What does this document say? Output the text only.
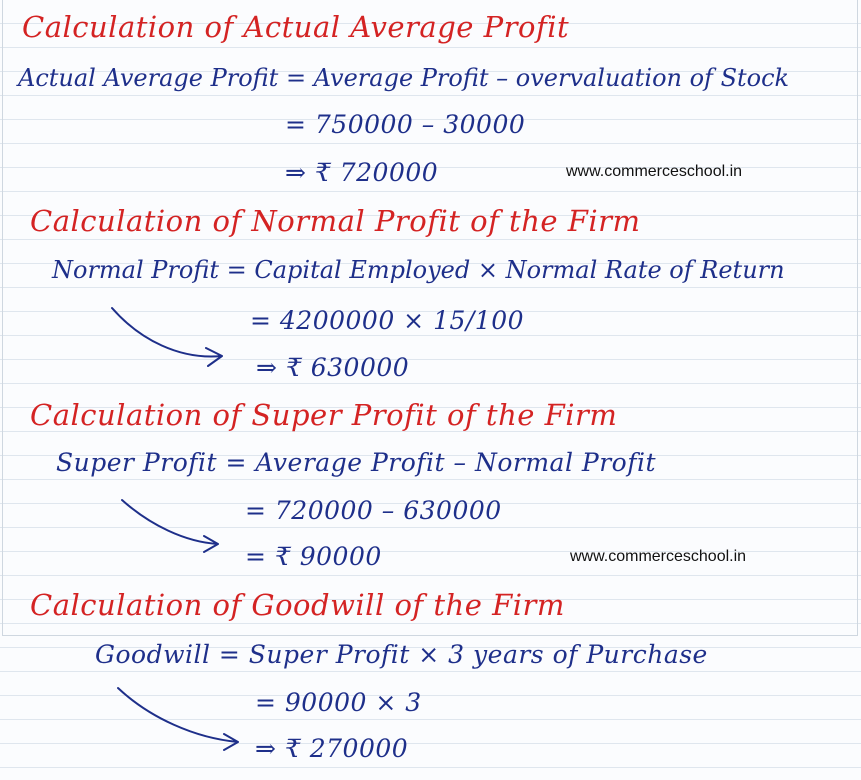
Calculation of Actual Average Profit
Actual Average Profit = Average Profit – overvaluation of Stock
= 750000 – 30000
⇒ ₹ 720000	www.commerceschool.in
Calculation of Normal Profit of the Firm
Normal Profit = Capital Employed × Normal Rate of Return
= 4200000 × 15/100
⇒ ₹ 630000
Calculation of Super Profit of the Firm
Super Profit = Average Profit – Normal Profit
= 720000 – 630000
= ₹ 90000	www.commerceschool.in
Calculation of Goodwill of the Firm
Goodwill = Super Profit × 3 years of Purchase
= 90000 × 3
⇒ ₹ 270000
